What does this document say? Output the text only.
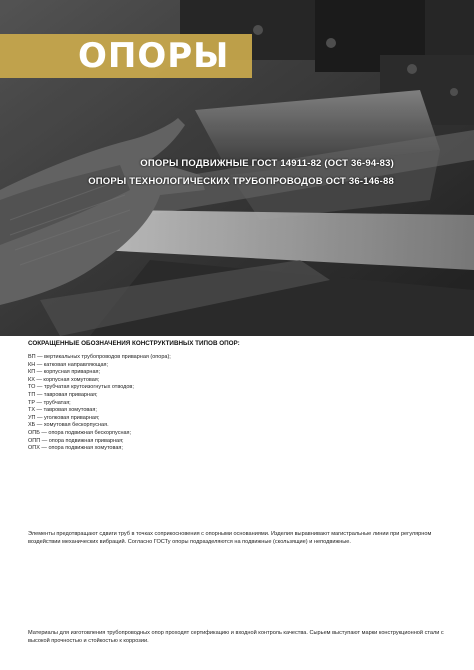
ОПОРЫ
ОПОРЫ ПОДВИЖНЫЕ ГОСТ 14911-82 (ОСТ 36-94-83)
ОПОРЫ ТЕХНОЛОГИЧЕСКИХ ТРУБОПРОВОДОВ ОСТ 36-146-88
СОКРАЩЕННЫЕ ОБОЗНАЧЕНИЯ КОНСТРУКТИВНЫХ ТИПОВ ОПОР:
ВП — вертикальных трубопроводов приварная (опора);
КН — катковая направляющая;
КП — корпусная приварная;
КХ — корпусная хомутовая;
ТО — трубчатая крутоизогнутых отводов;
ТП — тавровая приварная;
ТР — трубчатая;
ТХ — тавровая хомутовая;
УП — уголковая приварная;
ХБ — хомутовая бескорпусная.
ОПБ — опора подвижная бескорпусная;
ОПП — опора подвижная приварная;
ОПХ — опора подвижная хомутовая;

Элементы предотвращают сдвиги труб в точках соприкосновения с опорными основаниями. Изделия выравнивают магистральные линии при регулярном воздействии механических вибраций. Согласно ГОСТу опоры подразделяются на подвижные (скользящие) и неподвижные.

Материалы для изготовления трубопроводных опор проходят сертификацию и входной контроль качества. Сырьем выступают марки конструкционной стали с высокой прочностью и стойкостью к коррозии.
